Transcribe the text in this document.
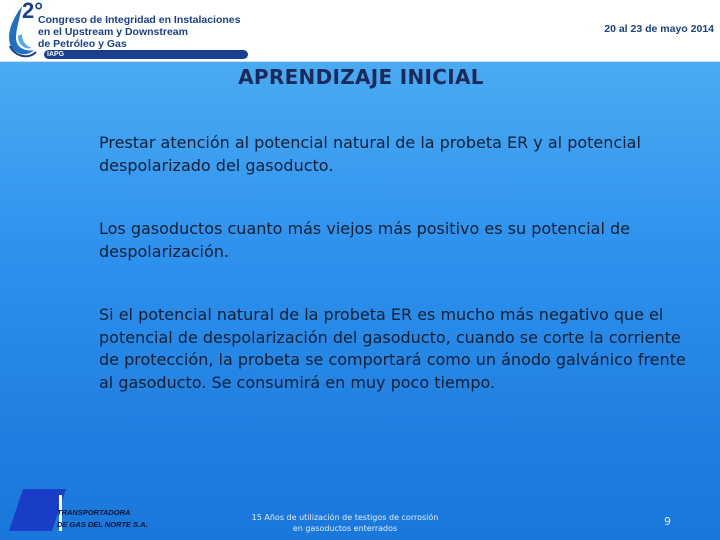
2°
Congreso de Integridad en Instalaciones
en el Upstream y Downstream
de Petróleo y Gas
IAPG
20 al 23 de mayo 2014
APRENDIZAJE INICIAL

Prestar atención al potencial natural de la probeta ER y al potencial despolarizado del gasoducto.

Los gasoductos cuanto más viejos más positivo es su potencial de despolarización.

Si el potencial natural de la probeta ER es mucho más negativo que el potencial de despolarización del gasoducto, cuando se corte la corriente de protección, la probeta se comportará como un ánodo galvánico frente al gasoducto. Se consumirá en muy poco tiempo.

TRANSPORTADORA
DE GAS DEL NORTE S.A.
15 Años de utilización de testigos de corrosión
en gasoductos enterrados
9
